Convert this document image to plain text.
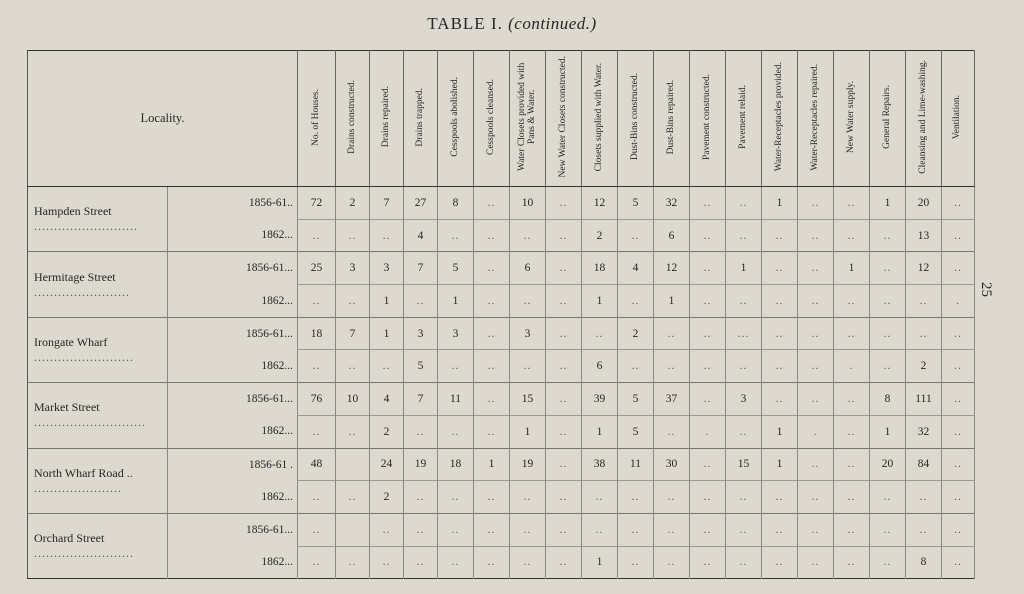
TABLE I. (continued.)
25
Locality.		No. of Houses.	Drains constructed.	Drains repaired.	Drains trapped.	Cesspools abolished.	Cesspools cleansed.	Water Closets provided with Pans & Water.	New Water Closets constructed.	Closets supplied with Water.	Dust-Bins constructed.	Dust-Bins repaired.	Pavement constructed.	Pavement relaid.	Water-Receptacles provided.	Water-Receptacles repaired.	New Water supply.	General Repairs.	Cleansing and Lime-washing.	Ventilation.
Hampden Street ..........................	1856-61..	72	2	7	27	8	..	10	..	12	5	32	..	..	1	..	..	1	20	..
	1862...	..	..	..	4	..	..	..	..	2	..	6	..	..	..	..	..	..	13	..
Hermitage Street ........................	1856-61...	25	3	3	7	5	..	6	..	18	4	12	..	1	..	..	1	..	12	..
	1862...	..	..	1	..	1	..	..	..	1	..	1	..	..	..	..	..	..	..	.
Irongate Wharf .........................	1856-61...	18	7	1	3	3	..	3	..	..	2	..	..	...	..	..	..	..	..	..
	1862...	..	..	..	5	..	..	..	..	6	..	..	..	..	..	..	.	..	2	..
Market Street ............................	1856-61...	76	10	4	7	11	..	15	..	39	5	37	..	3	..	..	..	8	111	..
	1862...	..	..	2	..	..	..	1	..	1	5	..	.	..	1	.	..	1	32	..
North Wharf Road .. ......................	1856-61 .	48		24	19	18	1	19	..	38	11	30	..	15	1	..	..	20	84	..
	1862...	..	..	2	..	..	..	..	..	..	..	..	..	..	..	..	..	..	..	..
Orchard Street .........................	1856-61...	..		..	..	..	..	..	..	..	..	..	..	..	..	..	..	..	..	..
	1862...	..	..	..	..	..	..	..	..	1	..	..	..	..	..	..	..	..	8	..
